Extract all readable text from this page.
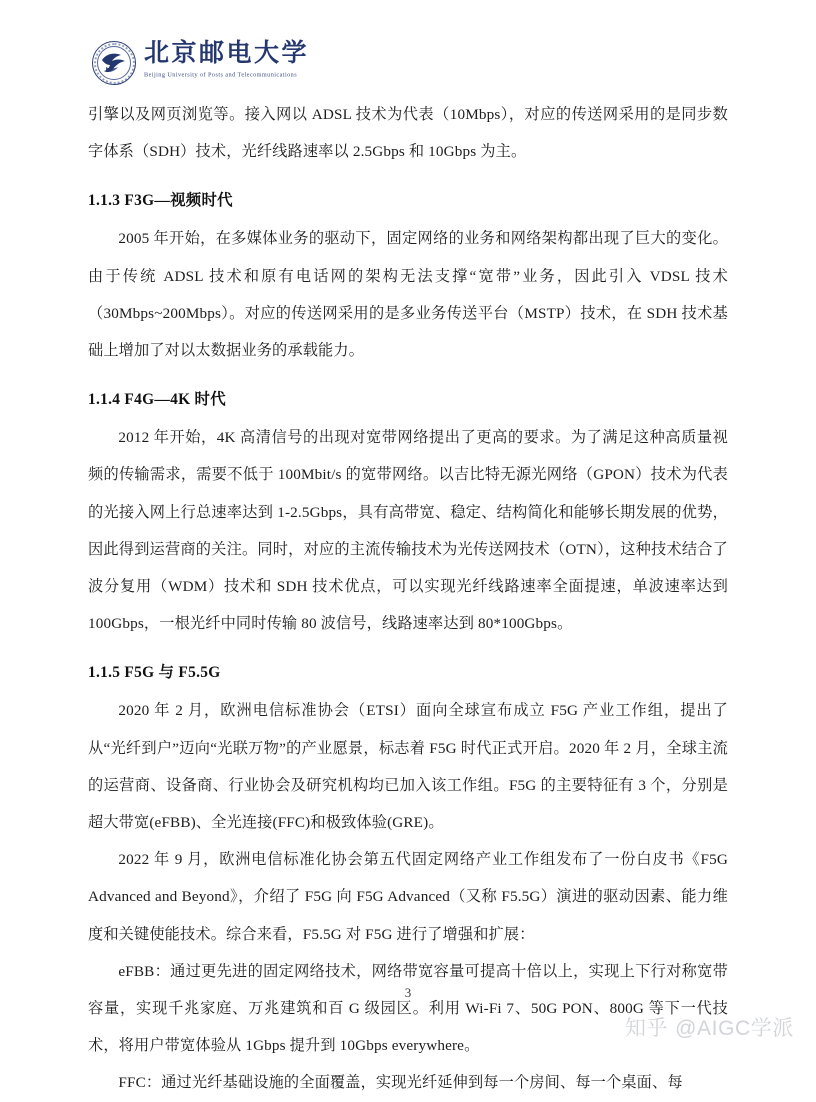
北京邮电大学
Beijing University of Posts and Telecommunications

引擎以及网页浏览等。接入网以 ADSL 技术为代表（10Mbps），对应的传送网采用的是同步数字体系（SDH）技术，光纤线路速率以 2.5Gbps 和 10Gbps 为主。

1.1.3 F3G—视频时代

2005 年开始，在多媒体业务的驱动下，固定网络的业务和网络架构都出现了巨大的变化。由于传统 ADSL 技术和原有电话网的架构无法支撑“宽带”业务，因此引入 VDSL 技术（30Mbps~200Mbps）。对应的传送网采用的是多业务传送平台（MSTP）技术，在 SDH 技术基础上增加了对以太数据业务的承载能力。

1.1.4 F4G—4K 时代

2012 年开始，4K 高清信号的出现对宽带网络提出了更高的要求。为了满足这种高质量视频的传输需求，需要不低于 100Mbit/s 的宽带网络。以吉比特无源光网络（GPON）技术为代表的光接入网上行总速率达到 1-2.5Gbps，具有高带宽、稳定、结构简化和能够长期发展的优势，因此得到运营商的关注。同时，对应的主流传输技术为光传送网技术（OTN），这种技术结合了波分复用（WDM）技术和 SDH 技术优点，可以实现光纤线路速率全面提速，单波速率达到 100Gbps，一根光纤中同时传输 80 波信号，线路速率达到 80*100Gbps。

1.1.5 F5G 与 F5.5G

2020 年 2 月，欧洲电信标准协会（ETSI）面向全球宣布成立 F5G 产业工作组，提出了从“光纤到户”迈向“光联万物”的产业愿景，标志着 F5G 时代正式开启。2020 年 2 月，全球主流的运营商、设备商、行业协会及研究机构均已加入该工作组。F5G 的主要特征有 3 个，分别是超大带宽(eFBB)、全光连接(FFC)和极致体验(GRE)。

2022 年 9 月，欧洲电信标准化协会第五代固定网络产业工作组发布了一份白皮书《F5G Advanced and Beyond》，介绍了 F5G 向 F5G Advanced（又称 F5.5G）演进的驱动因素、能力维度和关键使能技术。综合来看，F5.5G 对 F5G 进行了增强和扩展：

eFBB：通过更先进的固定网络技术，网络带宽容量可提高十倍以上，实现上下行对称宽带容量，实现千兆家庭、万兆建筑和百 G 级园区。利用 Wi-Fi 7、50G PON、800G 等下一代技术，将用户带宽体验从 1Gbps 提升到 10Gbps everywhere。

FFC：通过光纤基础设施的全面覆盖，实现光纤延伸到每一个房间、每一个桌面、每

3
知乎 @AIGC学派
